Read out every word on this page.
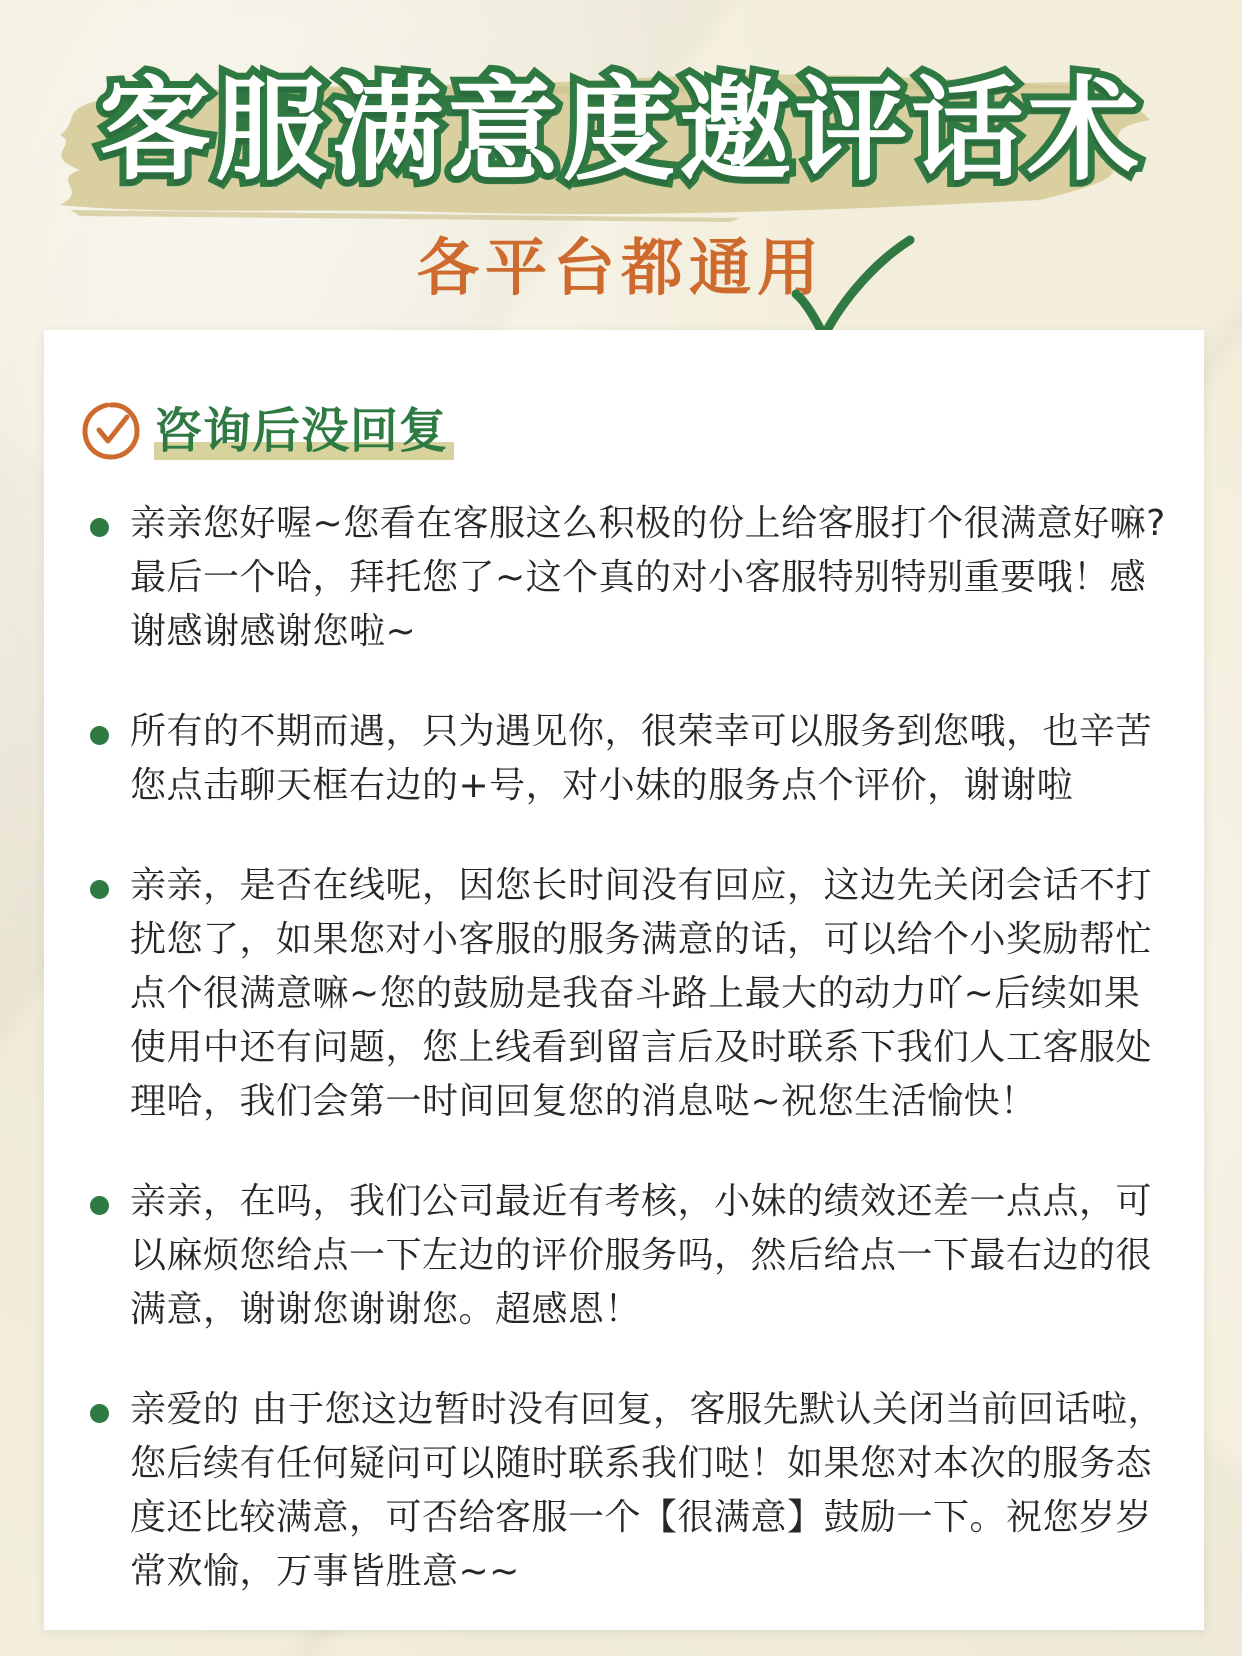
客服满意度邀评话术
各平台都通用
咨询后没回复
亲亲您好喔~您看在客服这么积极的份上给客服打个很满意好嘛?最后一个哈，拜托您了~这个真的对小客服特别特别重要哦！感谢感谢感谢您啦~
所有的不期而遇，只为遇见你，很荣幸可以服务到您哦，也辛苦您点击聊天框右边的+号，对小妹的服务点个评价，谢谢啦
亲亲，是否在线呢，因您长时间没有回应，这边先关闭会话不打扰您了，如果您对小客服的服务满意的话，可以给个小奖励帮忙点个很满意嘛~您的鼓励是我奋斗路上最大的动力吖~后续如果使用中还有问题，您上线看到留言后及时联系下我们人工客服处理哈，我们会第一时间回复您的消息哒~祝您生活愉快！
亲亲，在吗，我们公司最近有考核，小妹的绩效还差一点点，可以麻烦您给点一下左边的评价服务吗，然后给点一下最右边的很满意，谢谢您谢谢您。超感恩！
亲爱的 由于您这边暂时没有回复，客服先默认关闭当前回话啦，您后续有任何疑问可以随时联系我们哒！如果您对本次的服务态度还比较满意，可否给客服一个【很满意】鼓励一下。祝您岁岁常欢愉，万事皆胜意~~
